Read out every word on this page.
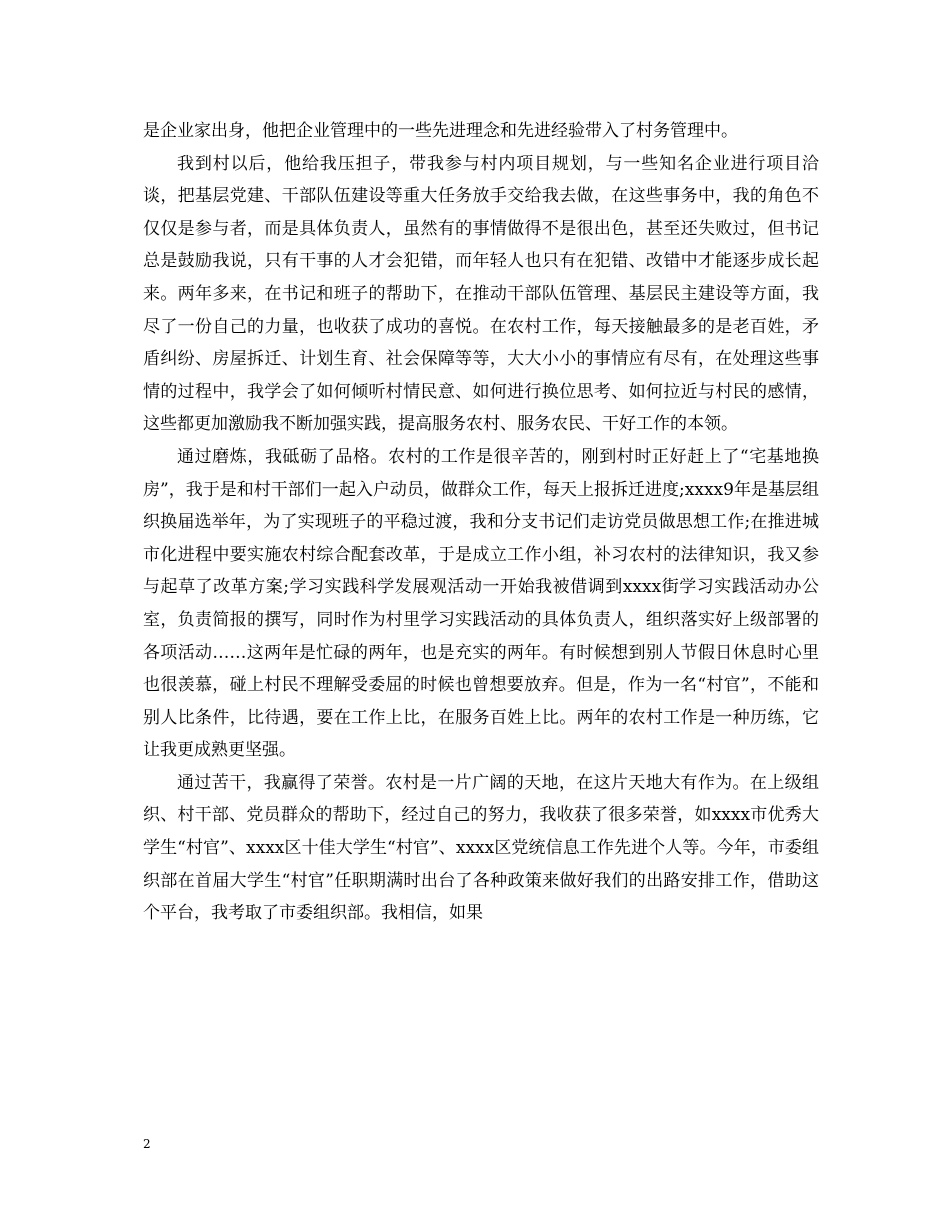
是企业家出身，他把企业管理中的一些先进理念和先进经验带入了村务管理中。

我到村以后，他给我压担子，带我参与村内项目规划，与一些知名企业进行项目洽谈，把基层党建、干部队伍建设等重大任务放手交给我去做，在这些事务中，我的角色不仅仅是参与者，而是具体负责人，虽然有的事情做得不是很出色，甚至还失败过，但书记总是鼓励我说，只有干事的人才会犯错，而年轻人也只有在犯错、改错中才能逐步成长起来。两年多来，在书记和班子的帮助下，在推动干部队伍管理、基层民主建设等方面，我尽了一份自己的力量，也收获了成功的喜悦。在农村工作，每天接触最多的是老百姓，矛盾纠纷、房屋拆迁、计划生育、社会保障等等，大大小小的事情应有尽有，在处理这些事情的过程中，我学会了如何倾听村情民意、如何进行换位思考、如何拉近与村民的感情，这些都更加激励我不断加强实践，提高服务农村、服务农民、干好工作的本领。

通过磨炼，我砥砺了品格。农村的工作是很辛苦的，刚到村时正好赶上了“宅基地换房”，我于是和村干部们一起入户动员，做群众工作，每天上报拆迁进度;xxxx9年是基层组织换届选举年，为了实现班子的平稳过渡，我和分支书记们走访党员做思想工作;在推进城市化进程中要实施农村综合配套改革，于是成立工作小组，补习农村的法律知识，我又参与起草了改革方案;学习实践科学发展观活动一开始我被借调到xxxx街学习实践活动办公室，负责简报的撰写，同时作为村里学习实践活动的具体负责人，组织落实好上级部署的各项活动……这两年是忙碌的两年，也是充实的两年。有时候想到别人节假日休息时心里也很羡慕，碰上村民不理解受委屈的时候也曾想要放弃。但是，作为一名“村官”，不能和别人比条件，比待遇，要在工作上比，在服务百姓上比。两年的农村工作是一种历练，它让我更成熟更坚强。

通过苦干，我赢得了荣誉。农村是一片广阔的天地，在这片天地大有作为。在上级组织、村干部、党员群众的帮助下，经过自己的努力，我收获了很多荣誉，如xxxx市优秀大学生“村官”、xxxx区十佳大学生“村官”、xxxx区党统信息工作先进个人等。今年，市委组织部在首届大学生“村官”任职期满时出台了各种政策来做好我们的出路安排工作，借助这个平台，我考取了市委组织部。我相信，如果

2
